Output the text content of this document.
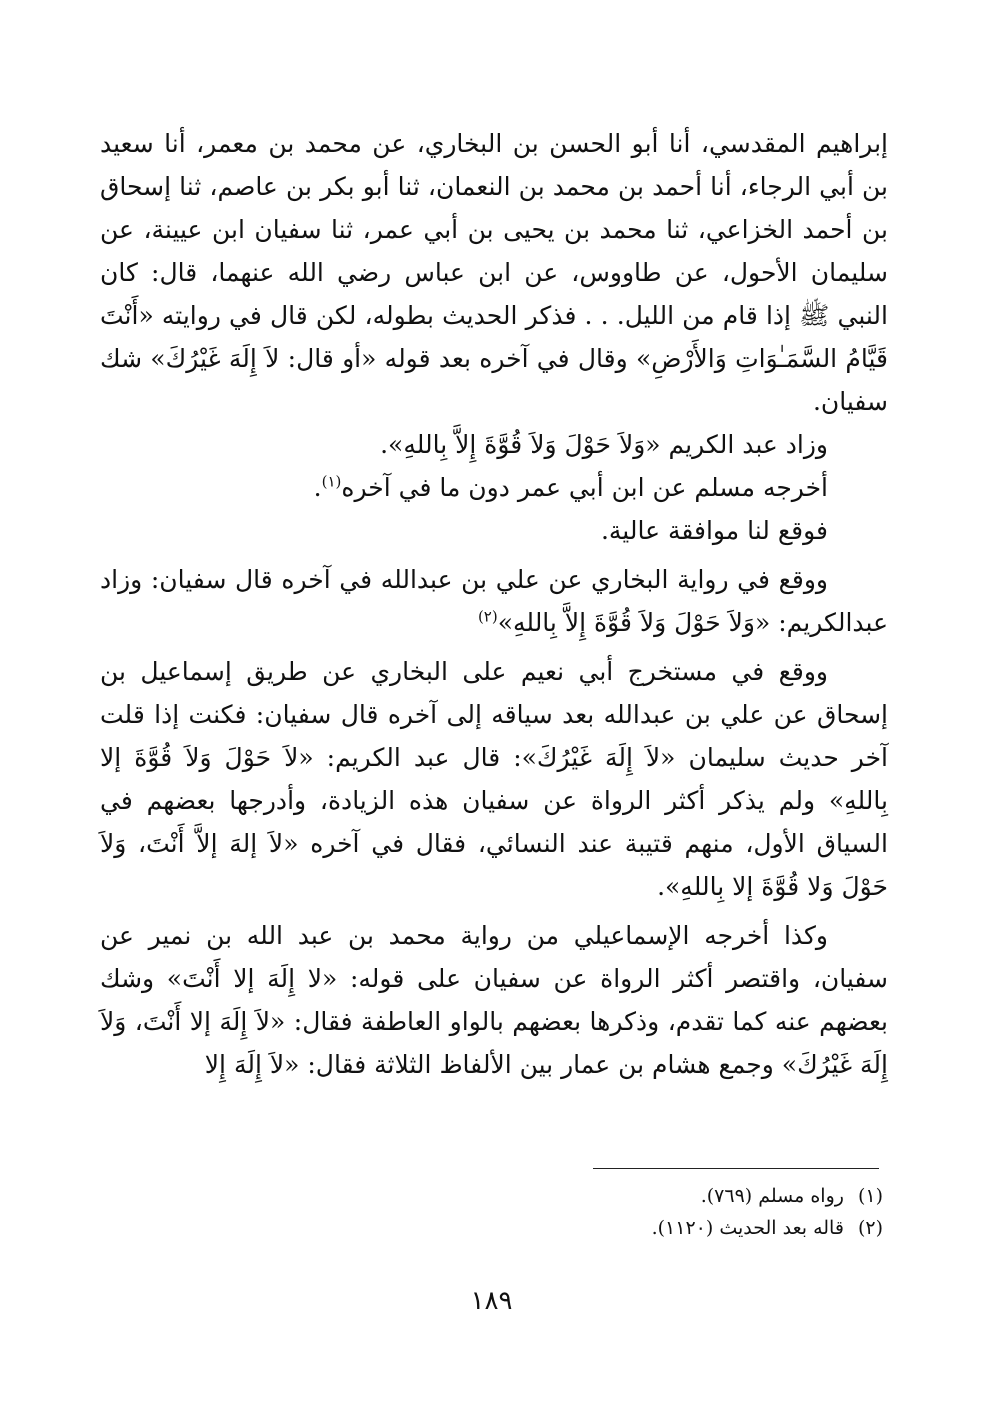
إبراهيم المقدسي، أنا أبو الحسن بن البخاري، عن محمد بن معمر، أنا سعيد بن أبي الرجاء، أنا أحمد بن محمد بن النعمان، ثنا أبو بكر بن عاصم، ثنا إسحاق بن أحمد الخزاعي، ثنا محمد بن يحيى بن أبي عمر، ثنا سفيان ابن عيينة، عن سليمان الأحول، عن طاووس، عن ابن عباس رضي الله عنهما، قال: كان النبي ﷺ إذا قام من الليل. . . فذكر الحديث بطوله، لكن قال في روايته «أَنْتَ قَيَّامُ السَّمَـٰوَاتِ وَالأَرْضِ» وقال في آخره بعد قوله «أو قال: لاَ إِلَهَ غَيْرُكَ» شك سفيان.

وزاد عبد الكريم «وَلاَ حَوْلَ وَلاَ قُوَّةَ إِلاَّ بِاللهِ».

أخرجه مسلم عن ابن أبي عمر دون ما في آخره$^{(١)}$.

فوقع لنا موافقة عالية.

ووقع في رواية البخاري عن علي بن عبدالله في آخره قال سفيان: وزاد عبدالكريم: «وَلاَ حَوْلَ وَلاَ قُوَّةَ إِلاَّ بِاللهِ»$^{(٢)}$

ووقع في مستخرج أبي نعيم على البخاري عن طريق إسماعيل بن إسحاق عن علي بن عبدالله بعد سياقه إلى آخره قال سفيان: فكنت إذا قلت آخر حديث سليمان «لاَ إِلَهَ غَيْرُكَ»: قال عبد الكريم: «لاَ حَوْلَ وَلاَ قُوَّةَ إلا بِاللهِ» ولم يذكر أكثر الرواة عن سفيان هذه الزيادة، وأدرجها بعضهم في السياق الأول، منهم قتيبة عند النسائي، فقال في آخره «لاَ إلهَ إلاَّ أَنْتَ، وَلاَ حَوْلَ وَلا قُوَّةَ إلا بِاللهِ».

وكذا أخرجه الإسماعيلي من رواية محمد بن عبد الله بن نمير عن سفيان، واقتصر أكثر الرواة عن سفيان على قوله: «لا إِلَهَ إلا أَنْتَ» وشك بعضهم عنه كما تقدم، وذكرها بعضهم بالواو العاطفة فقال: «لاَ إِلَهَ إلا أَنْتَ، وَلاَ إِلَهَ غَيْرُكَ» وجمع هشام بن عمار بين الألفاظ الثلاثة فقال: «لاَ إِلَهَ إِلا

(١)رواه مسلم (٧٦٩).

(٢)قاله بعد الحديث (١١٢٠).

١٨٩
